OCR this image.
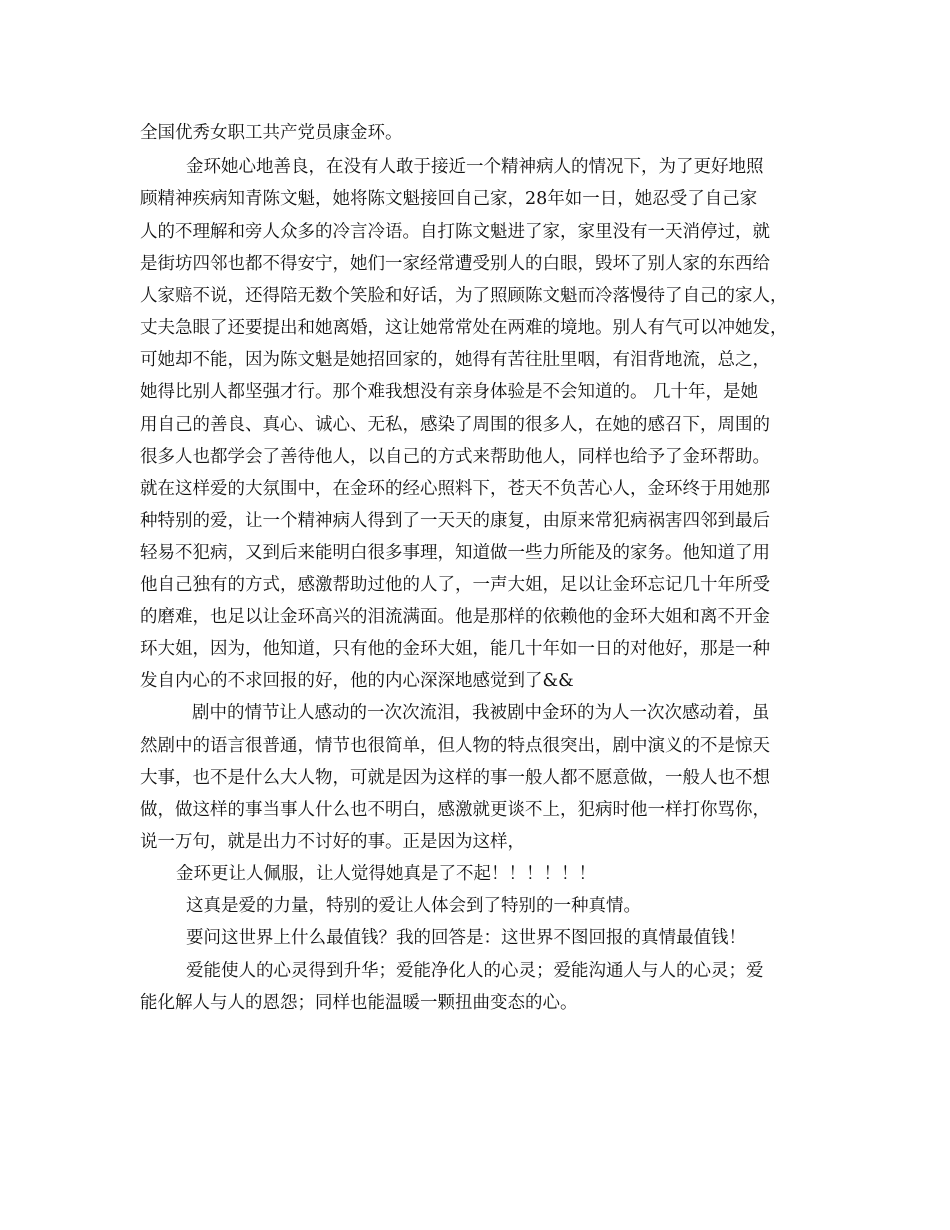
全国优秀女职工共产党员康金环。

金环她心地善良，在没有人敢于接近一个精神病人的情况下，为了更好地照

顾精神疾病知青陈文魁，她将陈文魁接回自己家，28年如一日，她忍受了自己家

人的不理解和旁人众多的冷言冷语。自打陈文魁进了家，家里没有一天消停过，就

是街坊四邻也都不得安宁，她们一家经常遭受别人的白眼，毁坏了别人家的东西给

人家赔不说，还得陪无数个笑脸和好话，为了照顾陈文魁而冷落慢待了自己的家人，

丈夫急眼了还要提出和她离婚，这让她常常处在两难的境地。别人有气可以冲她发，

可她却不能，因为陈文魁是她招回家的，她得有苦往肚里咽，有泪背地流，总之，

她得比别人都坚强才行。那个难我想没有亲身体验是不会知道的。 几十年，是她

用自己的善良、真心、诚心、无私，感染了周围的很多人，在她的感召下，周围的

很多人也都学会了善待他人，以自己的方式来帮助他人，同样也给予了金环帮助。

就在这样爱的大氛围中，在金环的经心照料下，苍天不负苦心人，金环终于用她那

种特别的爱，让一个精神病人得到了一天天的康复，由原来常犯病祸害四邻到最后

轻易不犯病，又到后来能明白很多事理，知道做一些力所能及的家务。他知道了用

他自己独有的方式，感激帮助过他的人了，一声大姐，足以让金环忘记几十年所受

的磨难，也足以让金环高兴的泪流满面。他是那样的依赖他的金环大姐和离不开金

环大姐，因为，他知道，只有他的金环大姐，能几十年如一日的对他好，那是一种

发自内心的不求回报的好，他的内心深深地感觉到了&&

剧中的情节让人感动的一次次流泪，我被剧中金环的为人一次次感动着，虽

然剧中的语言很普通，情节也很简单，但人物的特点很突出，剧中演义的不是惊天

大事，也不是什么大人物，可就是因为这样的事一般人都不愿意做，一般人也不想

做，做这样的事当事人什么也不明白，感激就更谈不上，犯病时他一样打你骂你，

说一万句，就是出力不讨好的事。正是因为这样，

金环更让人佩服，让人觉得她真是了不起！！！！！！

这真是爱的力量，特别的爱让人体会到了特别的一种真情。

要问这世界上什么最值钱？我的回答是：这世界不图回报的真情最值钱！

爱能使人的心灵得到升华；爱能净化人的心灵；爱能沟通人与人的心灵；爱

能化解人与人的恩怨；同样也能温暖一颗扭曲变态的心。
